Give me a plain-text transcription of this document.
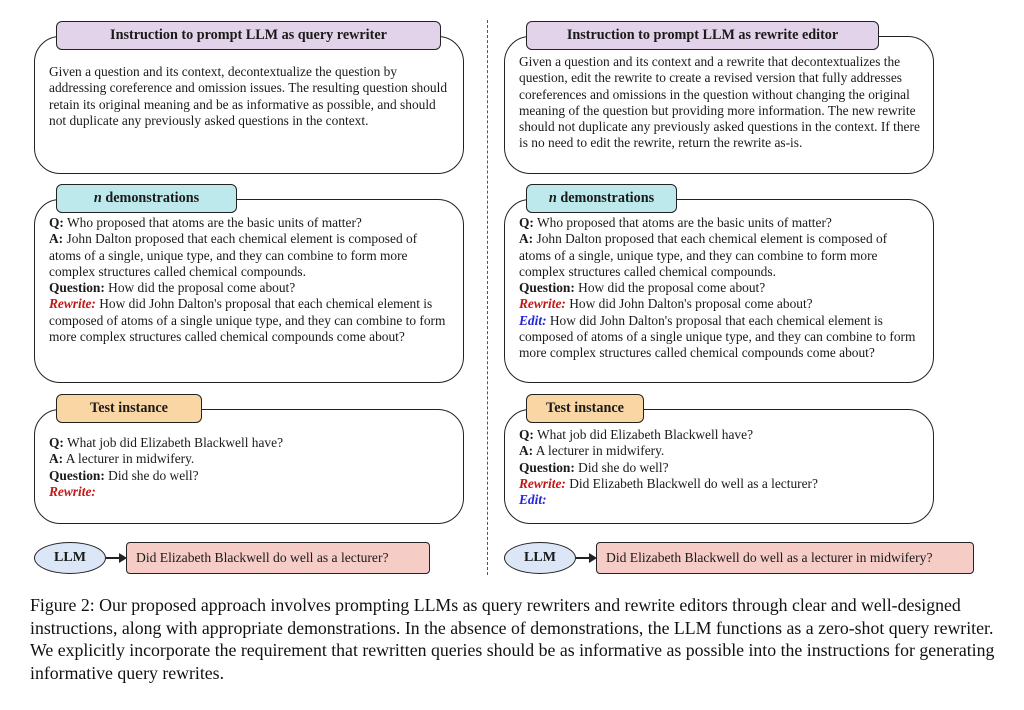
Given a question and its context, decontextualize the question by addressing coreference and omission issues. The resulting question should retain its original meaning and be as informative as possible, and should not duplicate any previously asked questions in the context.
Instruction to prompt LLM as query rewriter
Q: Who proposed that atoms are the basic units of matter?
A: John Dalton proposed that each chemical element is composed of atoms of a single, unique type, and they can combine to form more complex structures called chemical compounds.
Question: How did the proposal come about?
Rewrite: How did John Dalton's proposal that each chemical element is composed of atoms of a single unique type, and they can combine to form more complex structures called chemical compounds come about?
n demonstrations
Q: What job did Elizabeth Blackwell have?
A: A lecturer in midwifery.
Question: Did she do well?
Rewrite:
Test instance
LLM	Did Elizabeth Blackwell do well as a lecturer?
Given a question and its context and a rewrite that decontextualizes the question, edit the rewrite to create a revised version that fully addresses coreferences and omissions in the question without changing the original meaning of the question but providing more information. The new rewrite should not duplicate any previously asked questions in the context. If there is no need to edit the rewrite, return the rewrite as-is.
Instruction to prompt LLM as rewrite editor
Q: Who proposed that atoms are the basic units of matter?
A: John Dalton proposed that each chemical element is composed of atoms of a single, unique type, and they can combine to form more complex structures called chemical compounds.
Question: How did the proposal come about?
Rewrite: How did John Dalton's proposal come about?
Edit: How did John Dalton's proposal that each chemical element is composed of atoms of a single unique type, and they can combine to form more complex structures called chemical compounds come about?
n demonstrations
Q: What job did Elizabeth Blackwell have?
A: A lecturer in midwifery.
Question: Did she do well?
Rewrite: Did Elizabeth Blackwell do well as a lecturer?
Edit:
Test instance
LLM	Did Elizabeth Blackwell do well as a lecturer in midwifery?
Figure 2: Our proposed approach involves prompting LLMs as query rewriters and rewrite editors through clear and well-designed instructions, along with appropriate demonstrations. In the absence of demonstrations, the LLM functions as a zero-shot query rewriter. We explicitly incorporate the requirement that rewritten queries should be as informative as possible into the instructions for generating informative query rewrites.
